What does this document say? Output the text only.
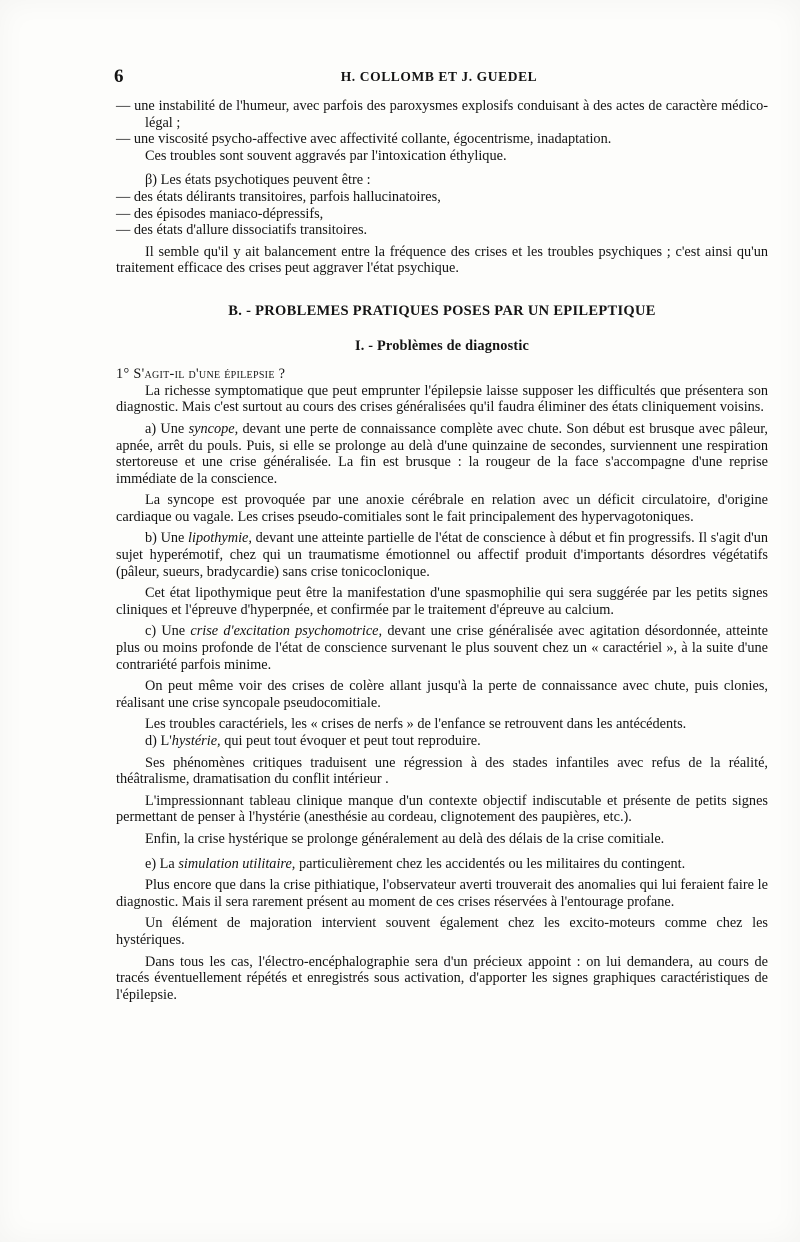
6	H. COLLOMB ET J. GUEDEL

— une instabilité de l'humeur, avec parfois des paroxysmes explosifs conduisant à des actes de caractère médico-légal ;

— une viscosité psycho-affective avec affectivité collante, égocentrisme, inadaptation.

Ces troubles sont souvent aggravés par l'intoxication éthylique.

β) Les états psychotiques peuvent être :

— des états délirants transitoires, parfois hallucinatoires,

— des épisodes maniaco-dépressifs,

— des états d'allure dissociatifs transitoires.

Il semble qu'il y ait balancement entre la fréquence des crises et les troubles psychiques ; c'est ainsi qu'un traitement efficace des crises peut aggraver l'état psychique.

B. - PROBLEMES PRATIQUES POSES PAR UN EPILEPTIQUE

I. - Problèmes de diagnostic

1° S'agit-il d'une épilepsie ?

La richesse symptomatique que peut emprunter l'épilepsie laisse supposer les difficultés que présentera son diagnostic. Mais c'est surtout au cours des crises généralisées qu'il faudra éliminer des états cliniquement voisins.

a) Une syncope, devant une perte de connaissance complète avec chute. Son début est brusque avec pâleur, apnée, arrêt du pouls. Puis, si elle se prolonge au delà d'une quinzaine de secondes, surviennent une respiration stertoreuse et une crise généralisée. La fin est brusque : la rougeur de la face s'accompagne d'une reprise immédiate de la conscience.

La syncope est provoquée par une anoxie cérébrale en relation avec un déficit circulatoire, d'origine cardiaque ou vagale. Les crises pseudo-comitiales sont le fait principalement des hypervagotoniques.

b) Une lipothymie, devant une atteinte partielle de l'état de conscience à début et fin progressifs. Il s'agit d'un sujet hyperémotif, chez qui un traumatisme émotionnel ou affectif produit d'importants désordres végétatifs (pâleur, sueurs, bradycardie) sans crise tonicoclonique.

Cet état lipothymique peut être la manifestation d'une spasmophilie qui sera suggérée par les petits signes cliniques et l'épreuve d'hyperpnée, et confirmée par le traitement d'épreuve au calcium.

c) Une crise d'excitation psychomotrice, devant une crise généralisée avec agitation désordonnée, atteinte plus ou moins profonde de l'état de conscience survenant le plus souvent chez un « caractériel », à la suite d'une contrariété parfois minime.

On peut même voir des crises de colère allant jusqu'à la perte de connaissance avec chute, puis clonies, réalisant une crise syncopale pseudocomitiale.

Les troubles caractériels, les « crises de nerfs » de l'enfance se retrouvent dans les antécédents.

d) L'hystérie, qui peut tout évoquer et peut tout reproduire.

Ses phénomènes critiques traduisent une régression à des stades infantiles avec refus de la réalité, théâtralisme, dramatisation du conflit intérieur .

L'impressionnant tableau clinique manque d'un contexte objectif indiscutable et présente de petits signes permettant de penser à l'hystérie (anesthésie au cordeau, clignotement des paupières, etc.).

Enfin, la crise hystérique se prolonge généralement au delà des délais de la crise comitiale.

e) La simulation utilitaire, particulièrement chez les accidentés ou les militaires du contingent.

Plus encore que dans la crise pithiatique, l'observateur averti trouverait des anomalies qui lui feraient faire le diagnostic. Mais il sera rarement présent au moment de ces crises réservées à l'entourage profane.

Un élément de majoration intervient souvent également chez les excito-moteurs comme chez les hystériques.

Dans tous les cas, l'électro-encéphalographie sera d'un précieux appoint : on lui demandera, au cours de tracés éventuellement répétés et enregistrés sous activation, d'apporter les signes graphiques caractéristiques de l'épilepsie.
